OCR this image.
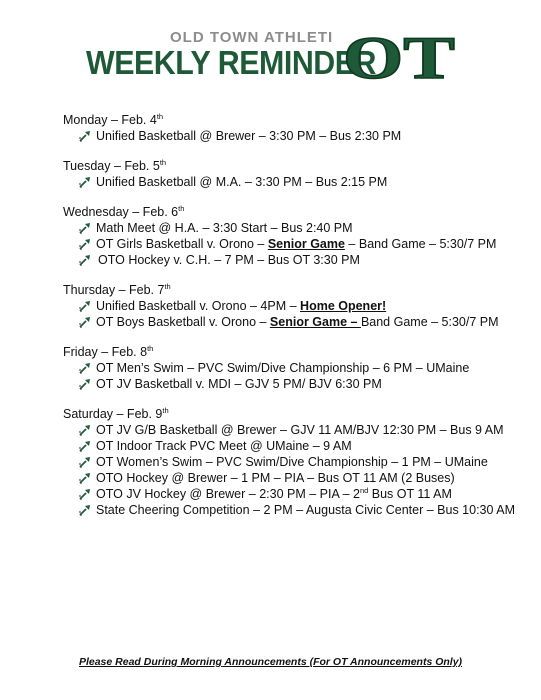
OLD TOWN ATHLETI
WEEKLY REMINDER
OT
Monday – Feb. 4th
Unified Basketball @ Brewer – 3:30 PM – Bus 2:30 PM
Tuesday – Feb. 5th
Unified Basketball @ M.A. – 3:30 PM – Bus 2:15 PM
Wednesday – Feb. 6th
Math Meet @ H.A. – 3:30 Start – Bus 2:40 PM
OT Girls Basketball v. Orono – Senior Game – Band Game – 5:30/7 PM
OTO Hockey v. C.H. – 7 PM – Bus OT 3:30 PM
Thursday – Feb. 7th
Unified Basketball v. Orono – 4PM – Home Opener!
OT Boys Basketball v. Orono – Senior Game – Band Game – 5:30/7 PM
Friday – Feb. 8th
OT Men’s Swim – PVC Swim/Dive Championship – 6 PM – UMaine
OT JV Basketball v. MDI – GJV 5 PM/ BJV 6:30 PM
Saturday – Feb. 9th
OT JV G/B Basketball @ Brewer – GJV 11 AM/BJV 12:30 PM – Bus 9 AM
OT Indoor Track PVC Meet @ UMaine – 9 AM
OT Women’s Swim – PVC Swim/Dive Championship – 1 PM – UMaine
OTO Hockey @ Brewer – 1 PM – PIA – Bus OT 11 AM (2 Buses)
OTO JV Hockey @ Brewer – 2:30 PM – PIA – 2nd Bus OT 11 AM
State Cheering Competition – 2 PM – Augusta Civic Center – Bus 10:30 AM
Please Read During Morning Announcements (For OT Announcements Only)
